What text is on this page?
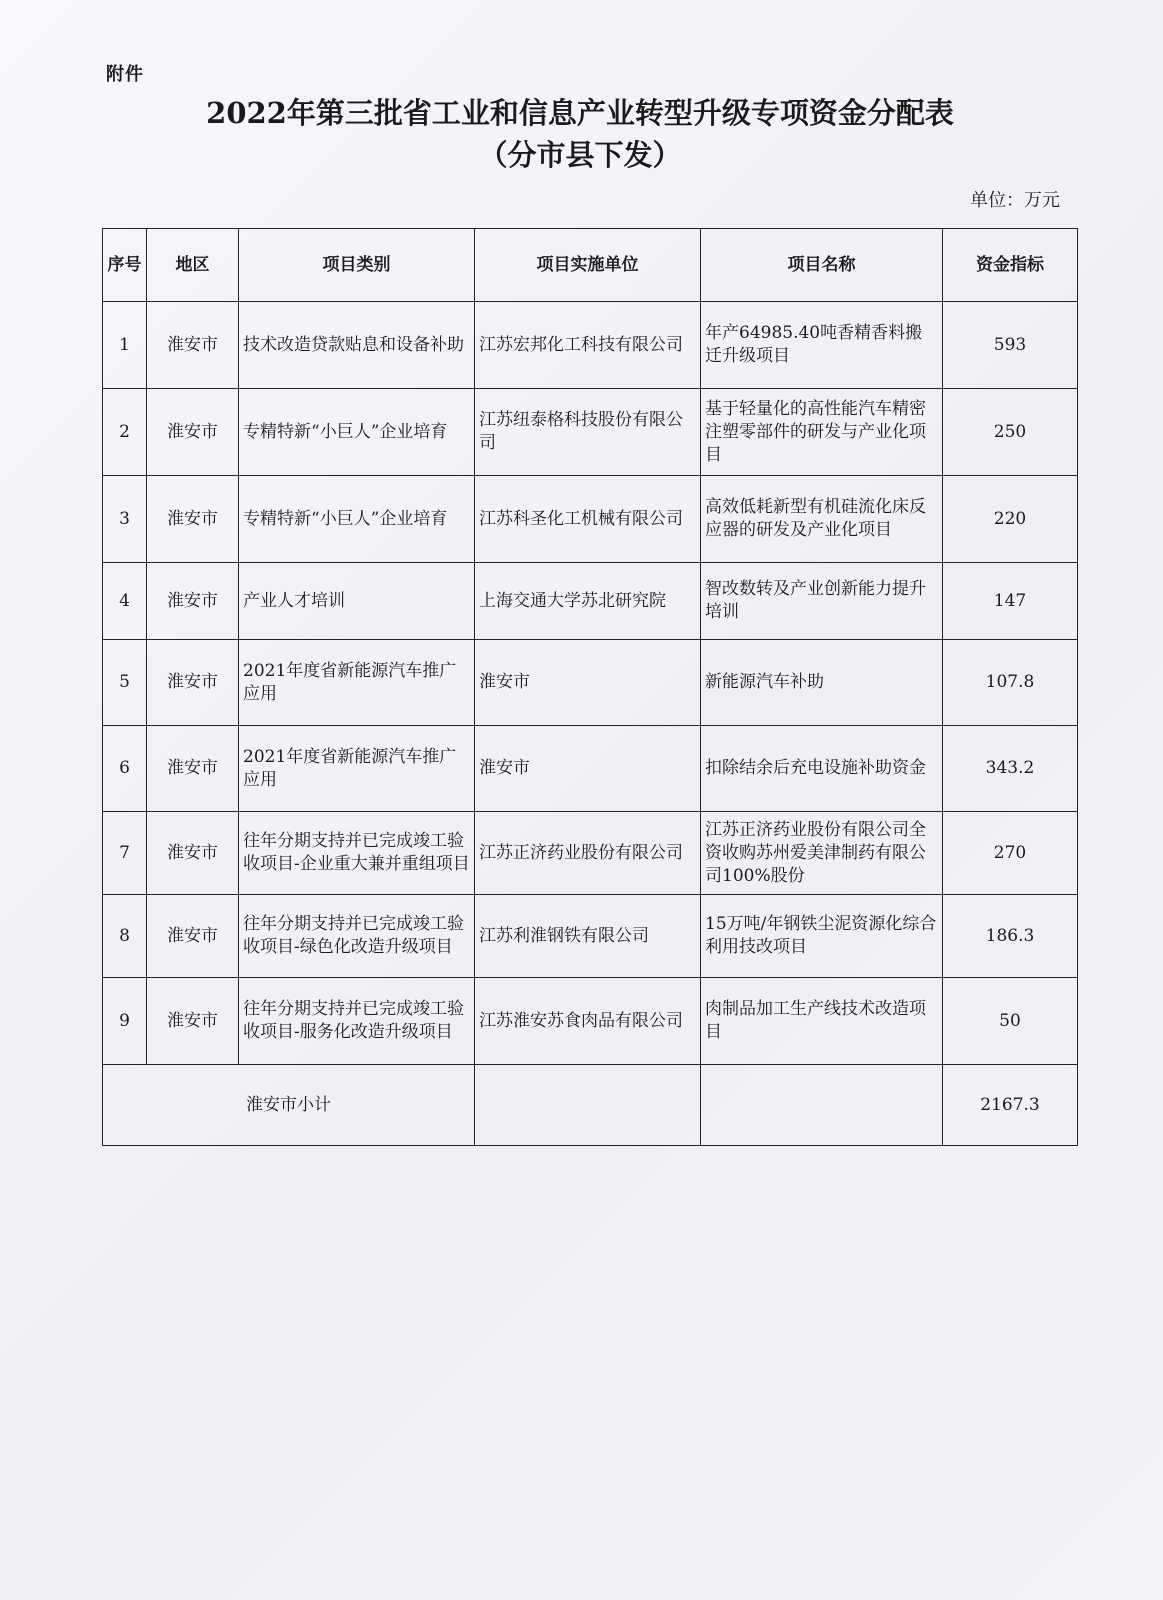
附件
2022年第三批省工业和信息产业转型升级专项资金分配表
（分市县下发）
单位：万元
序号	地区	项目类别	项目实施单位	项目名称	资金指标
1	淮安市	技术改造贷款贴息和设备补助	江苏宏邦化工科技有限公司	年产64985.40吨香精香料搬迁升级项目	593
2	淮安市	专精特新“小巨人”企业培育	江苏纽泰格科技股份有限公司	基于轻量化的高性能汽车精密注塑零部件的研发与产业化项目	250
3	淮安市	专精特新“小巨人”企业培育	江苏科圣化工机械有限公司	高效低耗新型有机硅流化床反应器的研发及产业化项目	220
4	淮安市	产业人才培训	上海交通大学苏北研究院	智改数转及产业创新能力提升培训	147
5	淮安市	2021年度省新能源汽车推广应用	淮安市	新能源汽车补助	107.8
6	淮安市	2021年度省新能源汽车推广应用	淮安市	扣除结余后充电设施补助资金	343.2
7	淮安市	往年分期支持并已完成竣工验收项目-企业重大兼并重组项目	江苏正济药业股份有限公司	江苏正济药业股份有限公司全资收购苏州爱美津制药有限公司100%股份	270
8	淮安市	往年分期支持并已完成竣工验收项目-绿色化改造升级项目	江苏利淮钢铁有限公司	15万吨/年钢铁尘泥资源化综合利用技改项目	186.3
9	淮安市	往年分期支持并已完成竣工验收项目-服务化改造升级项目	江苏淮安苏食肉品有限公司	肉制品加工生产线技术改造项目	50
淮安市小计					2167.3
